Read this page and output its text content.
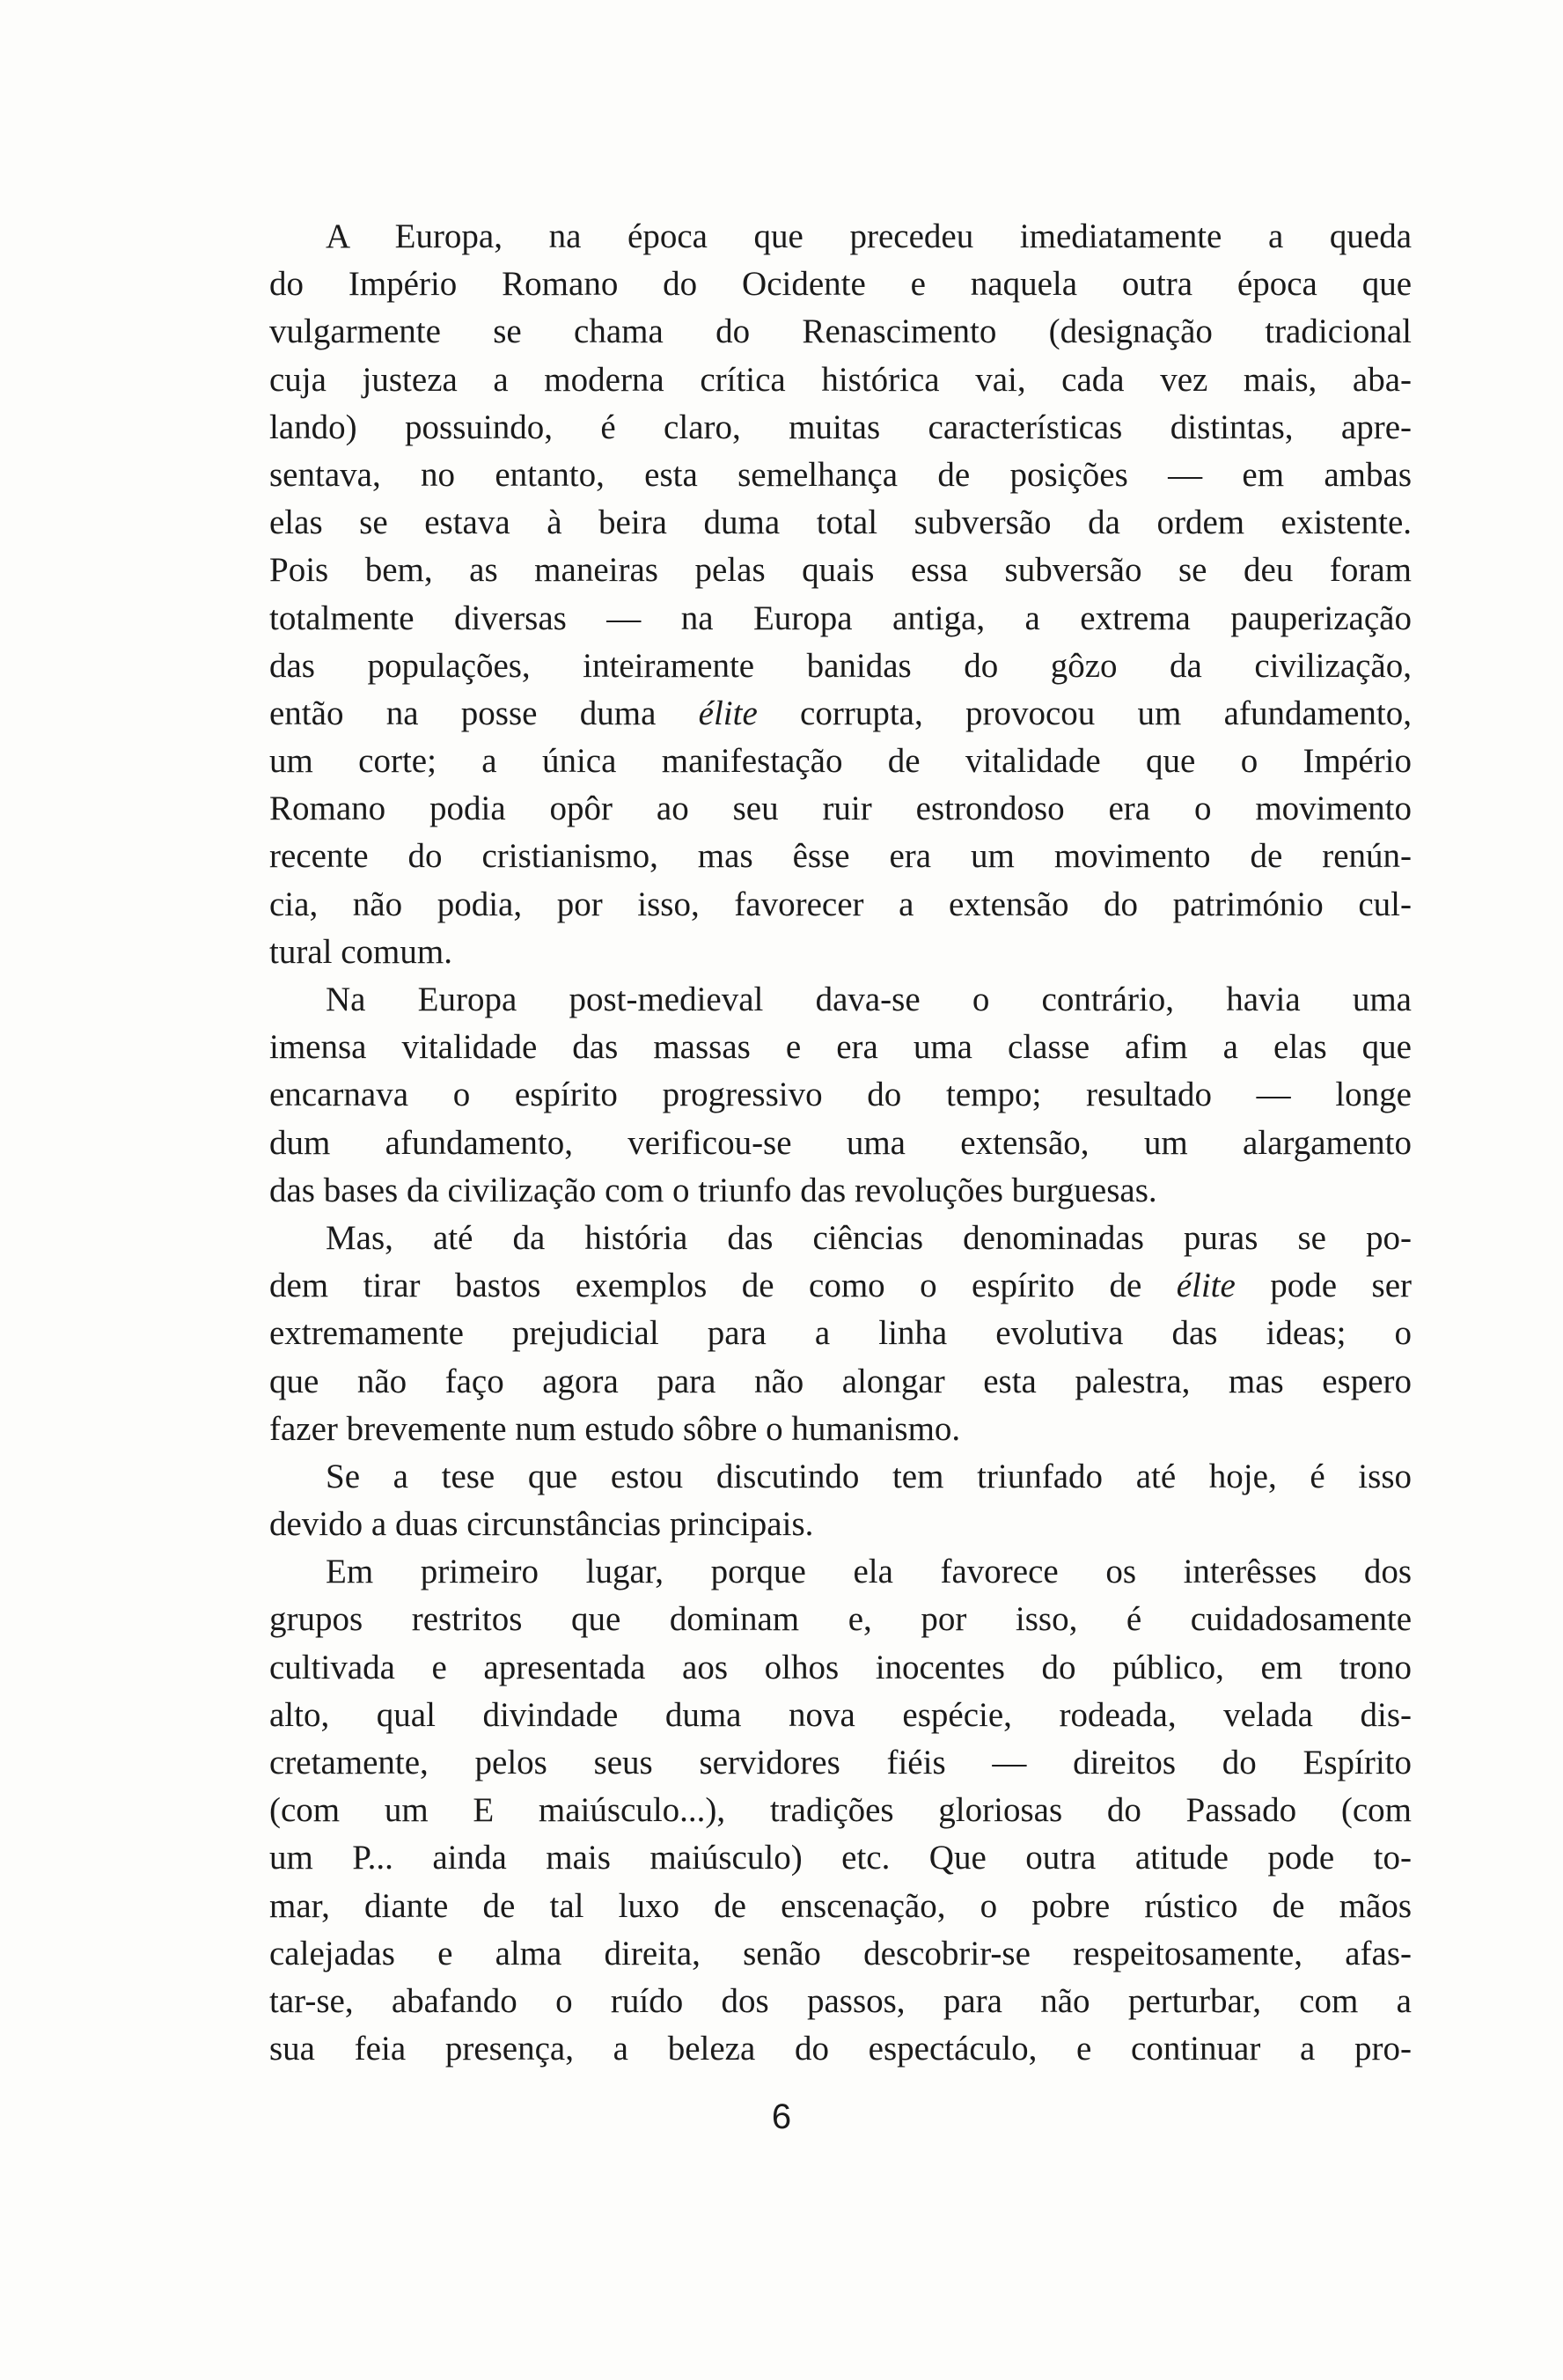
A Europa, na época que precedeu imediatamente a queda
do Império Romano do Ocidente e naquela outra época que
vulgarmente se chama do Renascimento (designação tradicional
cuja justeza a moderna crítica histórica vai, cada vez mais, aba-
lando) possuindo, é claro, muitas características distintas, apre-
sentava, no entanto, esta semelhança de posições — em ambas
elas se estava à beira duma total subversão da ordem existente.
Pois bem, as maneiras pelas quais essa subversão se deu foram
totalmente diversas — na Europa antiga, a extrema pauperização
das populações, inteiramente banidas do gôzo da civilização,
então na posse duma élite corrupta, provocou um afundamento,
um corte; a única manifestação de vitalidade que o Império
Romano podia opôr ao seu ruir estrondoso era o movimento
recente do cristianismo, mas êsse era um movimento de renún-
cia, não podia, por isso, favorecer a extensão do património cul-
tural comum.
Na Europa post-medieval dava-se o contrário, havia uma
imensa vitalidade das massas e era uma classe afim a elas que
encarnava o espírito progressivo do tempo; resultado — longe
dum afundamento, verificou-se uma extensão, um alargamento
das bases da civilização com o triunfo das revoluções burguesas.
Mas, até da história das ciências denominadas puras se po-
dem tirar bastos exemplos de como o espírito de élite pode ser
extremamente prejudicial para a linha evolutiva das ideas; o
que não faço agora para não alongar esta palestra, mas espero
fazer brevemente num estudo sôbre o humanismo.
Se a tese que estou discutindo tem triunfado até hoje, é isso
devido a duas circunstâncias principais.
Em primeiro lugar, porque ela favorece os interêsses dos
grupos restritos que dominam e, por isso, é cuidadosamente
cultivada e apresentada aos olhos inocentes do público, em trono
alto, qual divindade duma nova espécie, rodeada, velada dis-
cretamente, pelos seus servidores fiéis — direitos do Espírito
(com um E maiúsculo...), tradições gloriosas do Passado (com
um P... ainda mais maiúsculo) etc. Que outra atitude pode to-
mar, diante de tal luxo de enscenação, o pobre rústico de mãos
calejadas e alma direita, senão descobrir-se respeitosamente, afas-
tar-se, abafando o ruído dos passos, para não perturbar, com a
sua feia presença, a beleza do espectáculo, e continuar a pro-
6
